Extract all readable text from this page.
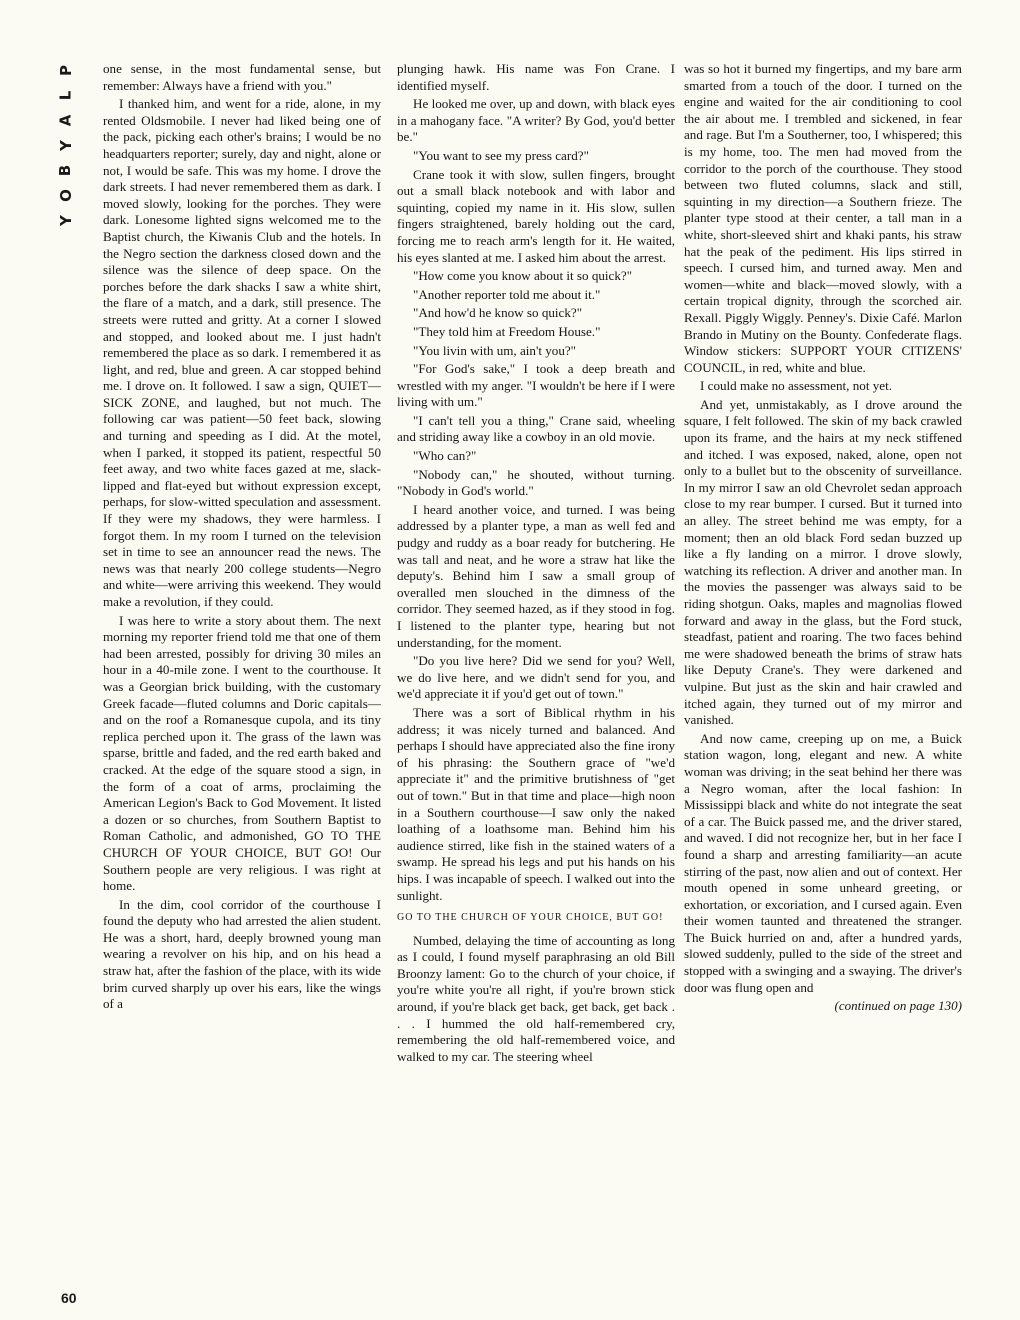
P
L
A
Y
B
O
Y

one sense, in the most fundamental sense, but remember: Always have a friend with you."

I thanked him, and went for a ride, alone, in my rented Oldsmobile. I never had liked being one of the pack, picking each other's brains; I would be no headquarters reporter; surely, day and night, alone or not, I would be safe. This was my home. I drove the dark streets. I had never remembered them as dark. I moved slowly, looking for the porches. They were dark. Lonesome lighted signs welcomed me to the Baptist church, the Kiwanis Club and the hotels. In the Negro section the darkness closed down and the silence was the silence of deep space. On the porches before the dark shacks I saw a white shirt, the flare of a match, and a dark, still presence. The streets were rutted and gritty. At a corner I slowed and stopped, and looked about me. I just hadn't remembered the place as so dark. I remembered it as light, and red, blue and green. A car stopped behind me. I drove on. It followed. I saw a sign, QUIET—SICK ZONE, and laughed, but not much. The following car was patient—50 feet back, slowing and turning and speeding as I did. At the motel, when I parked, it stopped its patient, respectful 50 feet away, and two white faces gazed at me, slack-lipped and flat-eyed but without expression except, perhaps, for slow-witted speculation and assessment. If they were my shadows, they were harmless. I forgot them. In my room I turned on the television set in time to see an announcer read the news. The news was that nearly 200 college students—Negro and white—were arriving this weekend. They would make a revolution, if they could.

I was here to write a story about them. The next morning my reporter friend told me that one of them had been arrested, possibly for driving 30 miles an hour in a 40-mile zone. I went to the courthouse. It was a Georgian brick building, with the customary Greek facade—fluted columns and Doric capitals—and on the roof a Romanesque cupola, and its tiny replica perched upon it. The grass of the lawn was sparse, brittle and faded, and the red earth baked and cracked. At the edge of the square stood a sign, in the form of a coat of arms, proclaiming the American Legion's Back to God Movement. It listed a dozen or so churches, from Southern Baptist to Roman Catholic, and admonished, GO TO THE CHURCH OF YOUR CHOICE, BUT GO! Our Southern people are very religious. I was right at home.

In the dim, cool corridor of the courthouse I found the deputy who had arrested the alien student. He was a short, hard, deeply browned young man wearing a revolver on his hip, and on his head a straw hat, after the fashion of the place, with its wide brim curved sharply up over his ears, like the wings of a

plunging hawk. His name was Fon Crane. I identified myself.

He looked me over, up and down, with black eyes in a mahogany face. "A writer? By God, you'd better be."

"You want to see my press card?"

Crane took it with slow, sullen fingers, brought out a small black notebook and with labor and squinting, copied my name in it. His slow, sullen fingers straightened, barely holding out the card, forcing me to reach arm's length for it. He waited, his eyes slanted at me. I asked him about the arrest.

"How come you know about it so quick?"

"Another reporter told me about it."

"And how'd he know so quick?"

"They told him at Freedom House."

"You livin with um, ain't you?"

"For God's sake," I took a deep breath and wrestled with my anger. "I wouldn't be here if I were living with um."

"I can't tell you a thing," Crane said, wheeling and striding away like a cowboy in an old movie.

"Who can?"

"Nobody can," he shouted, without turning. "Nobody in God's world."

I heard another voice, and turned. I was being addressed by a planter type, a man as well fed and pudgy and ruddy as a boar ready for butchering. He was tall and neat, and he wore a straw hat like the deputy's. Behind him I saw a small group of overalled men slouched in the dimness of the corridor. They seemed hazed, as if they stood in fog. I listened to the planter type, hearing but not understanding, for the moment.

"Do you live here? Did we send for you? Well, we do live here, and we didn't send for you, and we'd appreciate it if you'd get out of town."

There was a sort of Biblical rhythm in his address; it was nicely turned and balanced. And perhaps I should have appreciated also the fine irony of his phrasing: the Southern grace of "we'd appreciate it" and the primitive brutishness of "get out of town." But in that time and place—high noon in a Southern courthouse—I saw only the naked loathing of a loathsome man. Behind him his audience stirred, like fish in the stained waters of a swamp. He spread his legs and put his hands on his hips. I was incapable of speech. I walked out into the sunlight.

GO TO THE CHURCH OF YOUR CHOICE, BUT GO!

Numbed, delaying the time of accounting as long as I could, I found myself paraphrasing an old Bill Broonzy lament: Go to the church of your choice, if you're white you're all right, if you're brown stick around, if you're black get back, get back, get back . . . I hummed the old half-remembered cry, remembering the old half-remembered voice, and walked to my car. The steering wheel

was so hot it burned my fingertips, and my bare arm smarted from a touch of the door. I turned on the engine and waited for the air conditioning to cool the air about me. I trembled and sickened, in fear and rage. But I'm a Southerner, too, I whispered; this is my home, too. The men had moved from the corridor to the porch of the courthouse. They stood between two fluted columns, slack and still, squinting in my direction—a Southern frieze. The planter type stood at their center, a tall man in a white, short-sleeved shirt and khaki pants, his straw hat the peak of the pediment. His lips stirred in speech. I cursed him, and turned away. Men and women—white and black—moved slowly, with a certain tropical dignity, through the scorched air. Rexall. Piggly Wiggly. Penney's. Dixie Café. Marlon Brando in Mutiny on the Bounty. Confederate flags. Window stickers: SUPPORT YOUR CITIZENS' COUNCIL, in red, white and blue.

I could make no assessment, not yet.

And yet, unmistakably, as I drove around the square, I felt followed. The skin of my back crawled upon its frame, and the hairs at my neck stiffened and itched. I was exposed, naked, alone, open not only to a bullet but to the obscenity of surveillance. In my mirror I saw an old Chevrolet sedan approach close to my rear bumper. I cursed. But it turned into an alley. The street behind me was empty, for a moment; then an old black Ford sedan buzzed up like a fly landing on a mirror. I drove slowly, watching its reflection. A driver and another man. In the movies the passenger was always said to be riding shotgun. Oaks, maples and magnolias flowed forward and away in the glass, but the Ford stuck, steadfast, patient and roaring. The two faces behind me were shadowed beneath the brims of straw hats like Deputy Crane's. They were darkened and vulpine. But just as the skin and hair crawled and itched again, they turned out of my mirror and vanished.

And now came, creeping up on me, a Buick station wagon, long, elegant and new. A white woman was driving; in the seat behind her there was a Negro woman, after the local fashion: In Mississippi black and white do not integrate the seat of a car. The Buick passed me, and the driver stared, and waved. I did not recognize her, but in her face I found a sharp and arresting familiarity—an acute stirring of the past, now alien and out of context. Her mouth opened in some unheard greeting, or exhortation, or excoriation, and I cursed again. Even their women taunted and threatened the stranger. The Buick hurried on and, after a hundred yards, slowed suddenly, pulled to the side of the street and stopped with a swinging and a swaying. The driver's door was flung open and

(continued on page 130)
60
